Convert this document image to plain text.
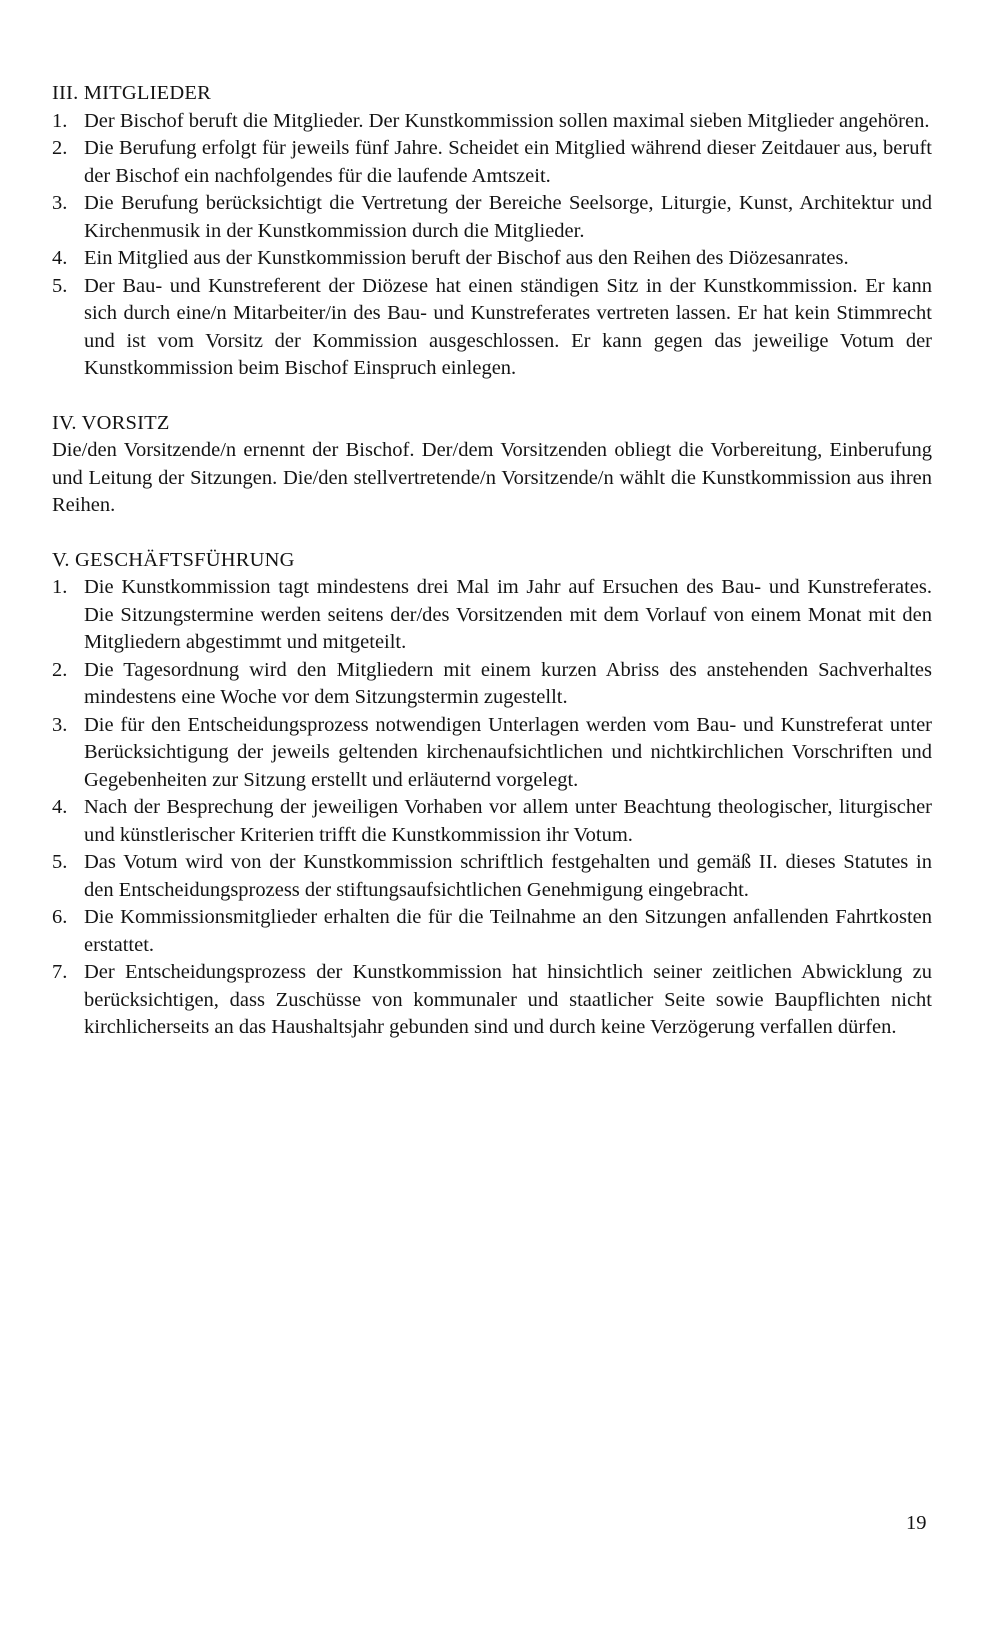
III. MITGLIEDER
1. Der Bischof beruft die Mitglieder. Der Kunstkommission sollen maximal sieben Mitglieder angehören.
2. Die Berufung erfolgt für jeweils fünf Jahre. Scheidet ein Mitglied während dieser Zeitdauer aus, beruft der Bischof ein nachfolgendes für die laufende Amtszeit.
3. Die Berufung berücksichtigt die Vertretung der Bereiche Seelsorge, Liturgie, Kunst, Architektur und Kirchenmusik in der Kunstkommission durch die Mitglieder.
4. Ein Mitglied aus der Kunstkommission beruft der Bischof aus den Reihen des Diözesanrates.
5. Der Bau- und Kunstreferent der Diözese hat einen ständigen Sitz in der Kunstkommission. Er kann sich durch eine/n Mitarbeiter/in des Bau- und Kunstreferates vertreten lassen. Er hat kein Stimmrecht und ist vom Vorsitz der Kommission ausgeschlossen. Er kann gegen das jeweilige Votum der Kunstkommission beim Bischof Einspruch einlegen.
IV. VORSITZ

Die/den Vorsitzende/n ernennt der Bischof. Der/dem Vorsitzenden obliegt die Vorbereitung, Einberufung und Leitung der Sitzungen. Die/den stellvertretende/n Vorsitzende/n wählt die Kunstkommission aus ihren Reihen.

V. GESCHÄFTSFÜHRUNG
1. Die Kunstkommission tagt mindestens drei Mal im Jahr auf Ersuchen des Bau- und Kunstreferates. Die Sitzungstermine werden seitens der/des Vorsitzenden mit dem Vorlauf von einem Monat mit den Mitgliedern abgestimmt und mitgeteilt.
2. Die Tagesordnung wird den Mitgliedern mit einem kurzen Abriss des anstehenden Sachverhaltes mindestens eine Woche vor dem Sitzungstermin zugestellt.
3. Die für den Entscheidungsprozess notwendigen Unterlagen werden vom Bau- und Kunstreferat unter Berücksichtigung der jeweils geltenden kirchenaufsichtlichen und nichtkirchlichen Vorschriften und Gegebenheiten zur Sitzung erstellt und erläuternd vorgelegt.
4. Nach der Besprechung der jeweiligen Vorhaben vor allem unter Beachtung theologischer, liturgischer und künstlerischer Kriterien trifft die Kunstkommission ihr Votum.
5. Das Votum wird von der Kunstkommission schriftlich festgehalten und gemäß II. dieses Statutes in den Entscheidungsprozess der stiftungsaufsichtlichen Genehmigung eingebracht.
6. Die Kommissionsmitglieder erhalten die für die Teilnahme an den Sitzungen anfallenden Fahrtkosten erstattet.
7. Der Entscheidungsprozess der Kunstkommission hat hinsichtlich seiner zeitlichen Abwicklung zu berücksichtigen, dass Zuschüsse von kommunaler und staatlicher Seite sowie Baupflichten nicht kirchlicherseits an das Haushaltsjahr gebunden sind und durch keine Verzögerung verfallen dürfen.
19
